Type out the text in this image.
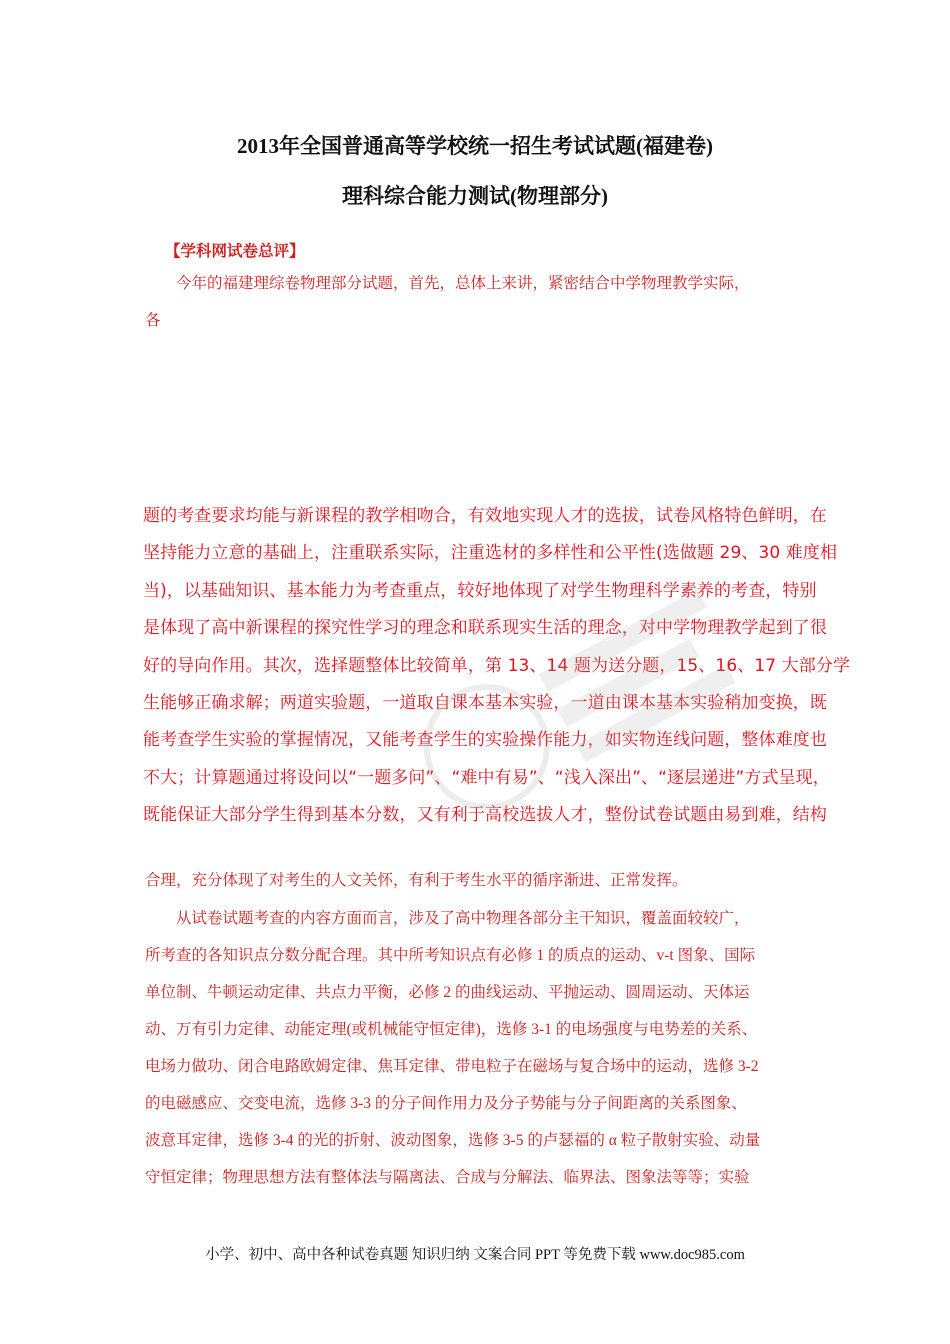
2013年全国普通高等学校统一招生考试试题(福建卷)
理科综合能力测试(物理部分)
【学科网试卷总评】
今年的福建理综卷物理部分试题，首先，总体上来讲，紧密结合中学物理教学实际，
各
题的考查要求均能与新课程的教学相吻合，有效地实现人才的选拔，试卷风格特色鲜明，在
坚持能力立意的基础上，注重联系实际，注重选材的多样性和公平性(选做题 29、30 难度相
当)，以基础知识、基本能力为考查重点，较好地体现了对学生物理科学素养的考查，特别
是体现了高中新课程的探究性学习的理念和联系现实生活的理念，对中学物理教学起到了很
好的导向作用。其次，选择题整体比较简单，第 13、14 题为送分题，15、16、17 大部分学
生能够正确求解；两道实验题，一道取自课本基本实验，一道由课本基本实验稍加变换，既
能考查学生实验的掌握情况，又能考查学生的实验操作能力，如实物连线问题，整体难度也
不大；计算题通过将设问以“一题多问”、“难中有易”、“浅入深出”、“逐层递进”方式呈现，
既能保证大部分学生得到基本分数，又有利于高校选拔人才，整份试卷试题由易到难，结构
合理，充分体现了对考生的人文关怀，有利于考生水平的循序渐进、正常发挥。
从试卷试题考查的内容方面而言，涉及了高中物理各部分主干知识，覆盖面较较广，
所考查的各知识点分数分配合理。其中所考知识点有必修 1 的质点的运动、v-t 图象、国际
单位制、牛顿运动定律、共点力平衡，必修 2 的曲线运动、平抛运动、圆周运动、天体运
动、万有引力定律、动能定理(或机械能守恒定律)，选修 3-1 的电场强度与电势差的关系、
电场力做功、闭合电路欧姆定律、焦耳定律、带电粒子在磁场与复合场中的运动，选修 3-2
的电磁感应、交变电流，选修 3-3 的分子间作用力及分子势能与分子间距离的关系图象、
波意耳定律，选修 3-4 的光的折射、波动图象，选修 3-5 的卢瑟福的 α 粒子散射实验、动量
守恒定律；物理思想方法有整体法与隔离法、合成与分解法、临界法、图象法等等；实验
小学、初中、高中各种试卷真题 知识归纳 文案合同 PPT 等免费下载 www.doc985.com
